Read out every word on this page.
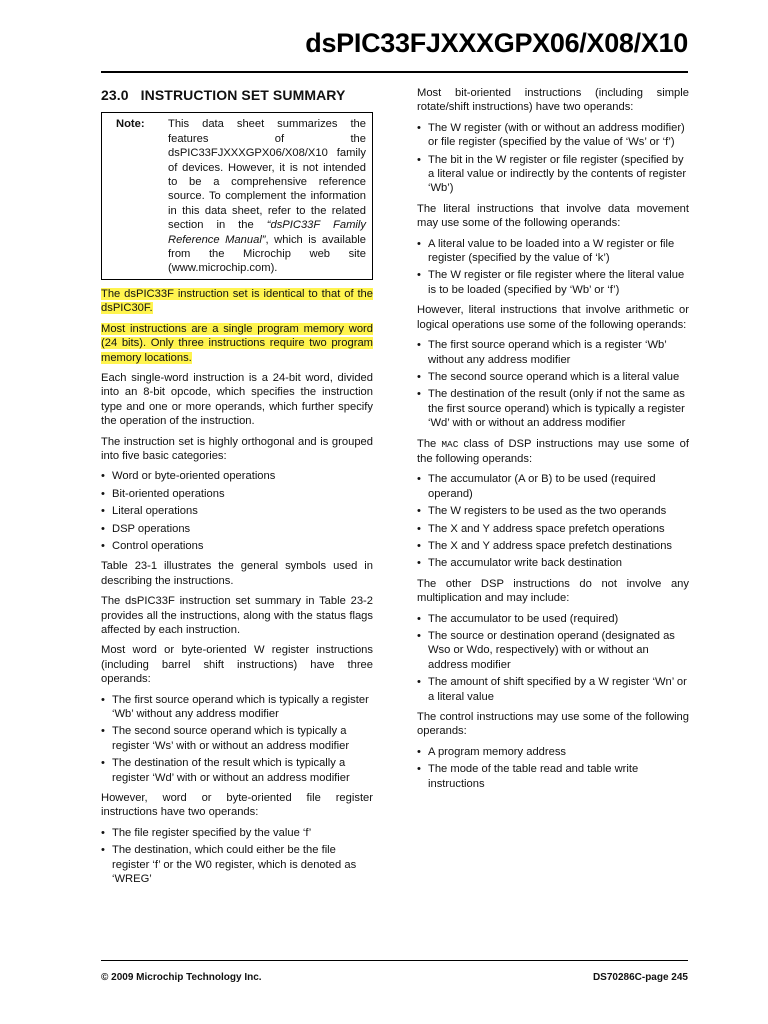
dsPIC33FJXXXGPX06/X08/X10
23.0 INSTRUCTION SET SUMMARY
Note:	This data sheet summarizes the features of the dsPIC33FJXXXGPX06/X08/X10 family of devices. However, it is not intended to be a comprehensive reference source. To complement the information in this data sheet, refer to the related section in the “dsPIC33F Family Reference Manual”, which is available from the Microchip web site (www.microchip.com).

The dsPIC33F instruction set is identical to that of the dsPIC30F.

Most instructions are a single program memory word (24 bits). Only three instructions require two program memory locations.

Each single-word instruction is a 24-bit word, divided into an 8-bit opcode, which specifies the instruction type and one or more operands, which further specify the operation of the instruction.

The instruction set is highly orthogonal and is grouped into five basic categories:

• Word or byte-oriented operations
• Bit-oriented operations
• Literal operations
• DSP operations
• Control operations

Table 23-1 illustrates the general symbols used in describing the instructions.

The dsPIC33F instruction set summary in Table 23-2 provides all the instructions, along with the status flags affected by each instruction.

Most word or byte-oriented W register instructions (including barrel shift instructions) have three operands:

• The first source operand which is typically a register ‘Wb’ without any address modifier
• The second source operand which is typically a register ‘Ws’ with or without an address modifier
• The destination of the result which is typically a register ‘Wd’ with or without an address modifier

However, word or byte-oriented file register instructions have two operands:

• The file register specified by the value ‘f’
• The destination, which could either be the file register ‘f’ or the W0 register, which is denoted as ‘WREG’

Most bit-oriented instructions (including simple rotate/shift instructions) have two operands:

• The W register (with or without an address modifier) or file register (specified by the value of ‘Ws’ or ‘f’)
• The bit in the W register or file register (specified by a literal value or indirectly by the contents of register ‘Wb’)

The literal instructions that involve data movement may use some of the following operands:

• A literal value to be loaded into a W register or file register (specified by the value of ‘k’)
• The W register or file register where the literal value is to be loaded (specified by ‘Wb’ or ‘f’)

However, literal instructions that involve arithmetic or logical operations use some of the following operands:

• The first source operand which is a register ‘Wb’ without any address modifier
• The second source operand which is a literal value
• The destination of the result (only if not the same as the first source operand) which is typically a register ‘Wd’ with or without an address modifier

The MAC class of DSP instructions may use some of the following operands:

• The accumulator (A or B) to be used (required operand)
• The W registers to be used as the two operands
• The X and Y address space prefetch operations
• The X and Y address space prefetch destinations
• The accumulator write back destination

The other DSP instructions do not involve any multiplication and may include:

• The accumulator to be used (required)
• The source or destination operand (designated as Wso or Wdo, respectively) with or without an address modifier
• The amount of shift specified by a W register ‘Wn’ or a literal value

The control instructions may use some of the following operands:

• A program memory address
• The mode of the table read and table write instructions
© 2009 Microchip Technology Inc.	DS70286C-page 245
